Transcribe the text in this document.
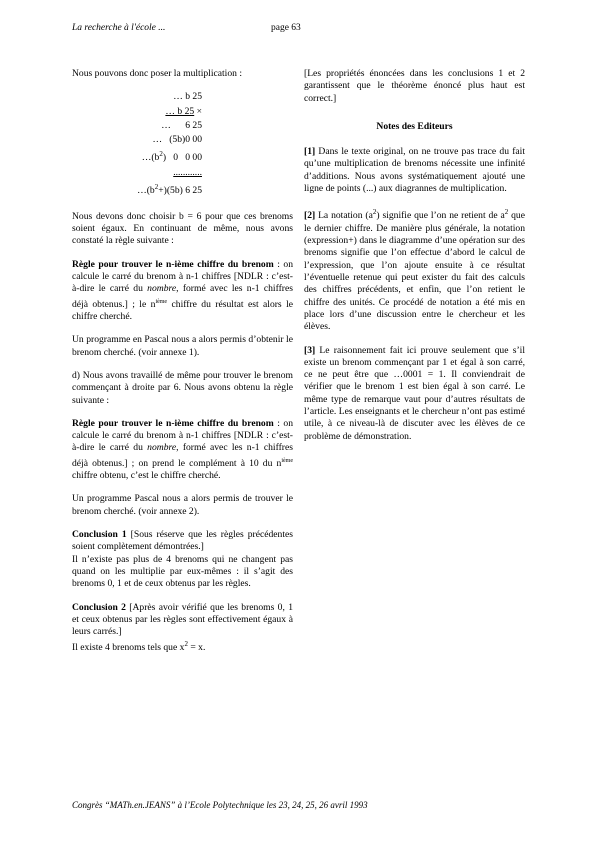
La recherche à l'école ...	page 63

Nous pouvons donc poser la multiplication :

… b 25
… b 25 ×
…      6 25
…   (5b)0 00
$\dots(b^2)$   0   0 00
............
$\dots(b^2+)(5b)$ 6 25

Nous devons donc choisir b = 6 pour que ces brenoms soient égaux. En continuant de même, nous avons constaté la règle suivante :

Règle pour trouver le n-ième chiffre du brenom : on calcule le carré du brenom à n-1 chiffres [NDLR : c’est-à-dire le carré du nombre, formé avec les n-1 chiffres déjà obtenus.] ; le $n^{ième}$ chiffre du résultat est alors le chiffre cherché.

Un programme en Pascal nous a alors permis d’obtenir le brenom cherché. (voir annexe 1).

d) Nous avons travaillé de même pour trouver le brenom commençant à droite par 6. Nous avons obtenu la règle suivante :

Règle pour trouver le n-ième chiffre du brenom : on calcule le carré du brenom à n-1 chiffres [NDLR : c’est-à-dire le carré du nombre, formé avec les n-1 chiffres déjà obtenus.] ; on prend le complément à 10 du $n^{ième}$ chiffre obtenu, c’est le chiffre cherché.

Un programme Pascal nous a alors permis de trouver le brenom cherché. (voir annexe 2).

Conclusion 1 [Sous réserve que les règles précédentes soient complètement démontrées.]

Il n’existe pas plus de 4 brenoms qui ne changent pas quand on les multiplie par eux-mêmes : il s’agit des brenoms 0, 1 et de ceux obtenus par les règles.

Conclusion 2 [Après avoir vérifié que les brenoms 0, 1 et ceux obtenus par les règles sont effectivement égaux à leurs carrés.]

Il existe 4 brenoms tels que $x^2 = x$.

[Les propriétés énoncées dans les conclusions 1 et 2 garantissent que le théorème énoncé plus haut est correct.]

Notes des Editeurs

[1] Dans le texte original, on ne trouve pas trace du fait qu’une multiplication de brenoms nécessite une infinité d’additions. Nous avons systématiquement ajouté une ligne de points (...) aux diagrannes de multiplication.

[2] La notation $(a^2)$ signifie que l’on ne retient de $a^2$ que le dernier chiffre. De manière plus générale, la notation (expression+) dans le diagramme d’une opération sur des brenoms signifie que l’on effectue d’abord le calcul de l’expression, que l’on ajoute ensuite à ce résultat l’éventuelle retenue qui peut exister du fait des calculs des chiffres précédents, et enfin, que l’on retient le chiffre des unités. Ce procédé de notation a été mis en place lors d’une discussion entre le chercheur et les élèves.

[3] Le raisonnement fait ici prouve seulement que s’il existe un brenom commençant par 1 et égal à son carré, ce ne peut être que …0001 = 1. Il conviendrait de vérifier que le brenom 1 est bien égal à son carré. Le même type de remarque vaut pour d’autres résultats de l’article. Les enseignants et le chercheur n’ont pas estimé utile, à ce niveau-là de discuter avec les élèves de ce problème de démonstration.

Congrès “MATh.en.JEANS” à l’Ecole Polytechnique les 23, 24, 25, 26 avril 1993
